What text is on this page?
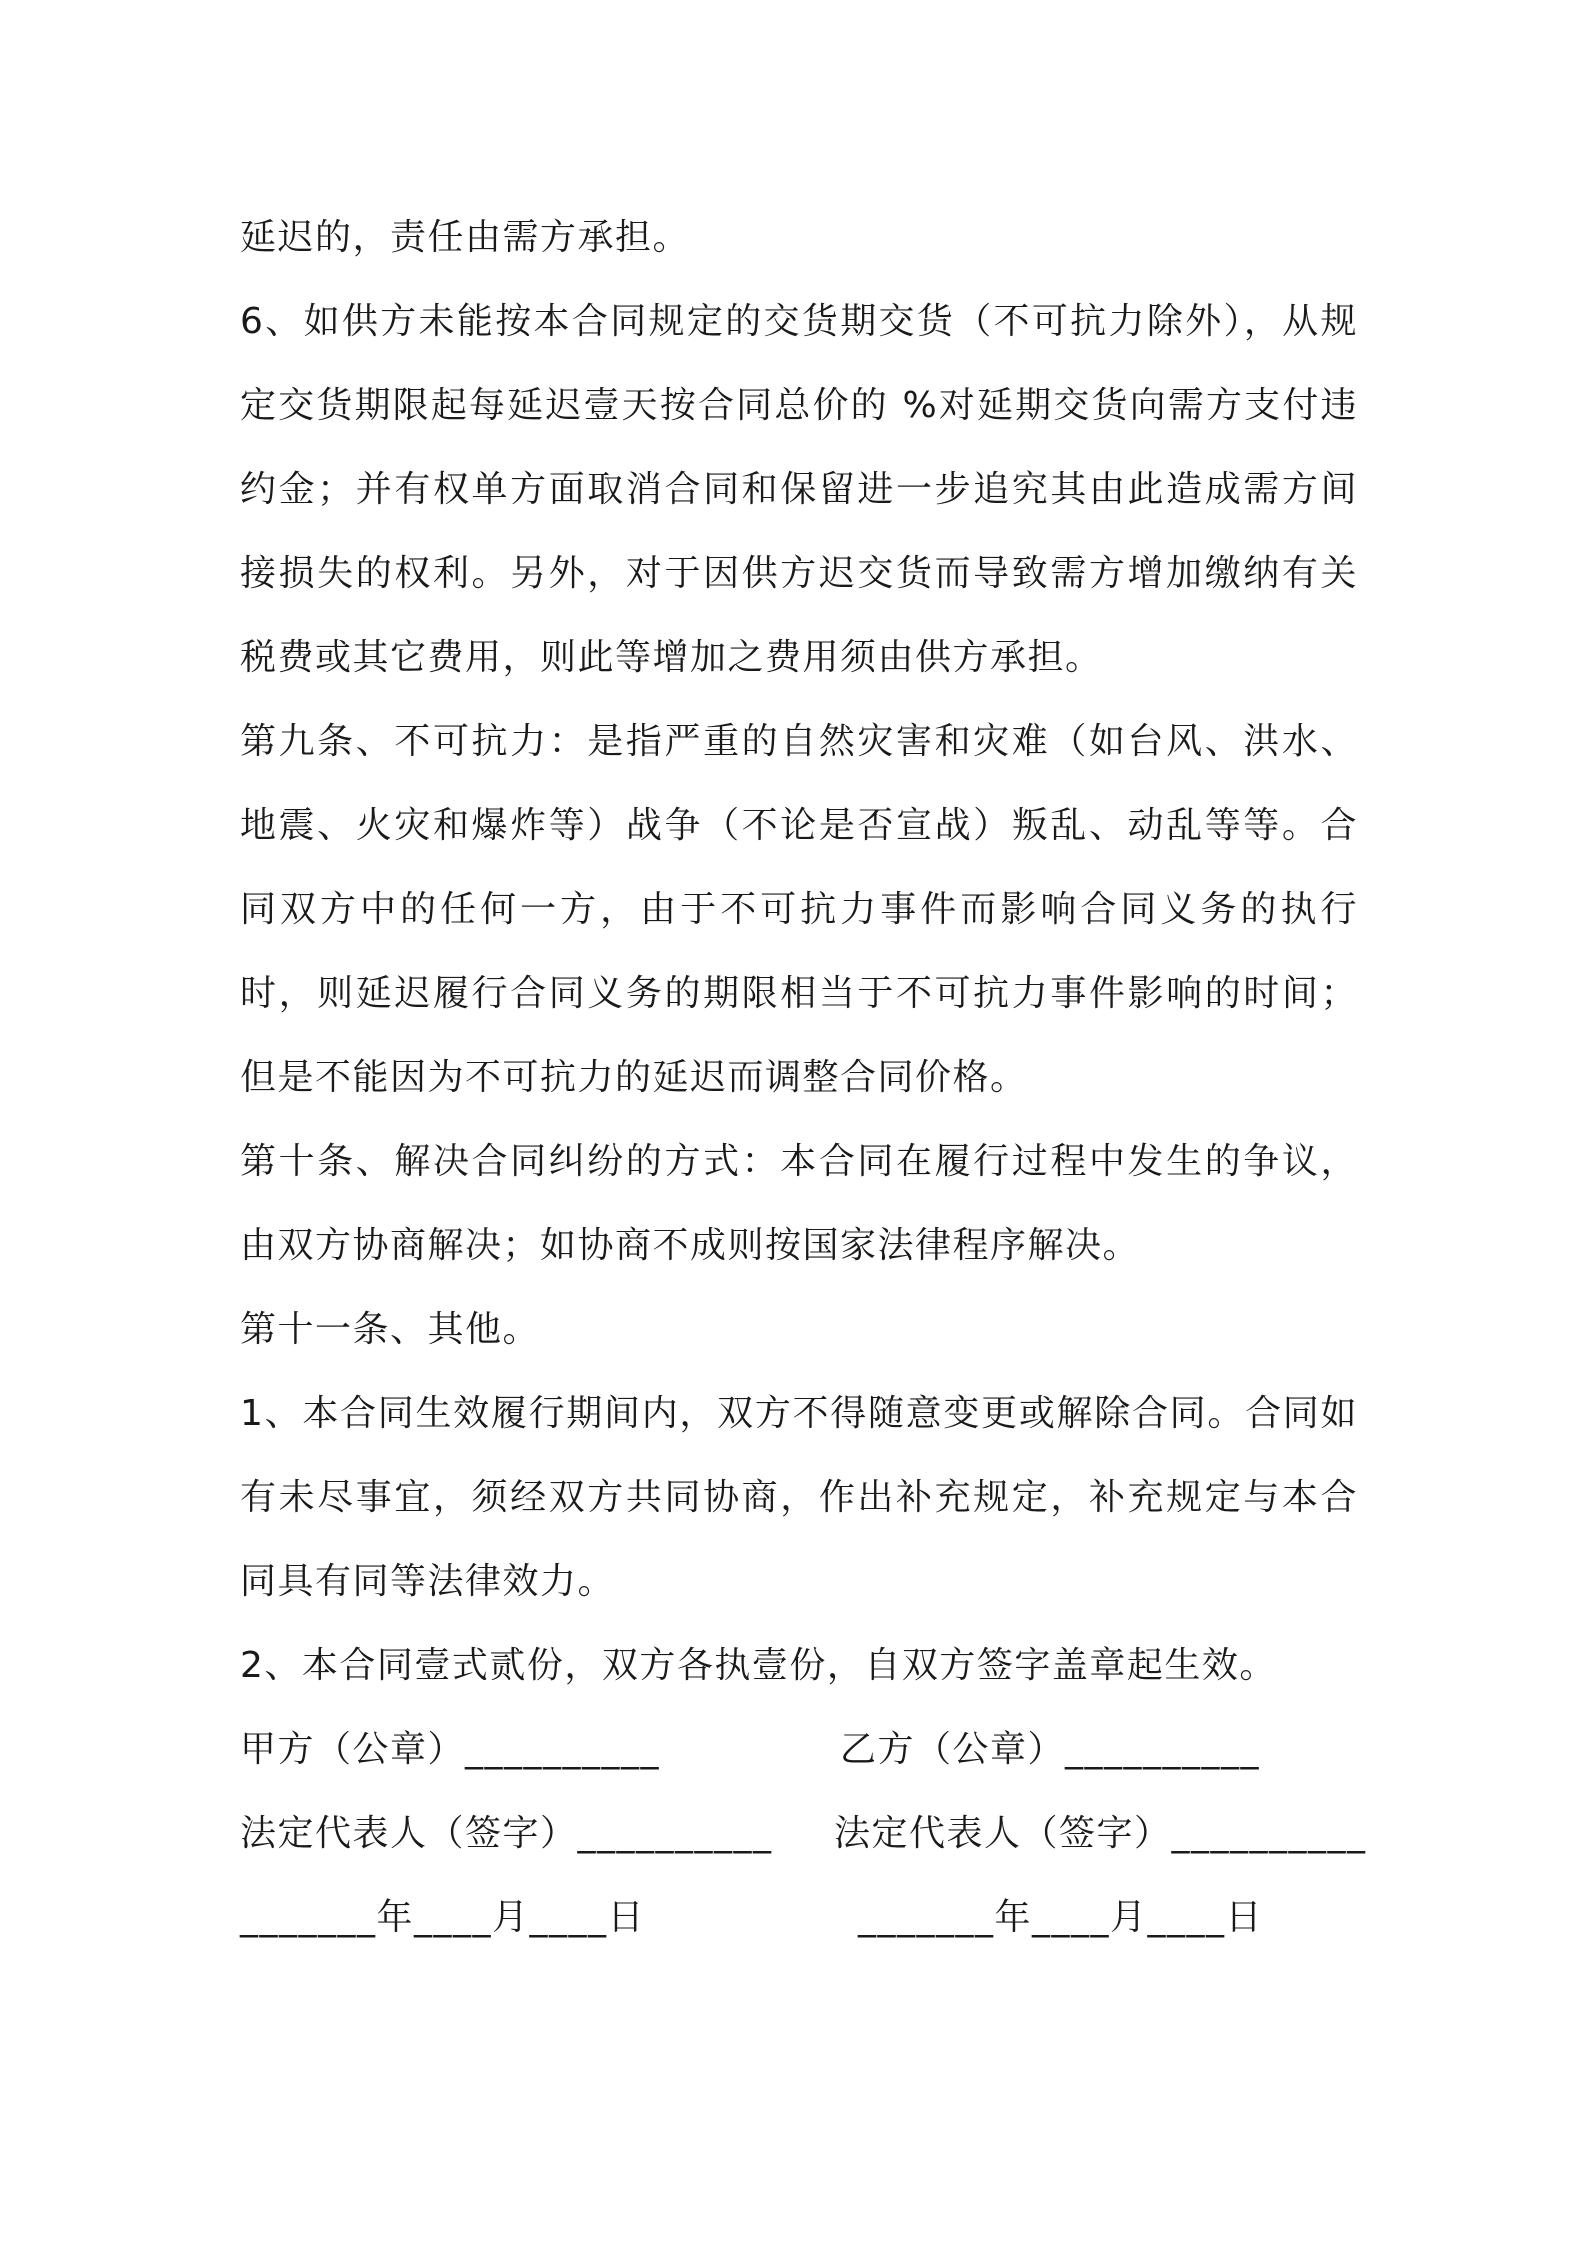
延迟的，责任由需方承担。

6、如供方未能按本合同规定的交货期交货（不可抗力除外），从规定交货期限起每延迟壹天按合同总价的 %对延期交货向需方支付违约金；并有权单方面取消合同和保留进一步追究其由此造成需方间接损失的权利。另外，对于因供方迟交货而导致需方增加缴纳有关税费或其它费用，则此等增加之费用须由供方承担。

第九条、不可抗力：是指严重的自然灾害和灾难（如台风、洪水、地震、火灾和爆炸等）战争（不论是否宣战）叛乱、动乱等等。合同双方中的任何一方，由于不可抗力事件而影响合同义务的执行时，则延迟履行合同义务的期限相当于不可抗力事件影响的时间；但是不能因为不可抗力的延迟而调整合同价格。

第十条、解决合同纠纷的方式：本合同在履行过程中发生的争议，由双方协商解决；如协商不成则按国家法律程序解决。

第十一条、其他。

1、本合同生效履行期间内，双方不得随意变更或解除合同。合同如有未尽事宜，须经双方共同协商，作出补充规定，补充规定与本合同具有同等法律效力。

2、本合同壹式贰份，双方各执壹份，自双方签字盖章起生效。

甲方（公章）__________

	乙方（公章）__________

法定代表人（签字）__________

法定代表人（签字）__________

_______年____月____日

	_______年____月____日
